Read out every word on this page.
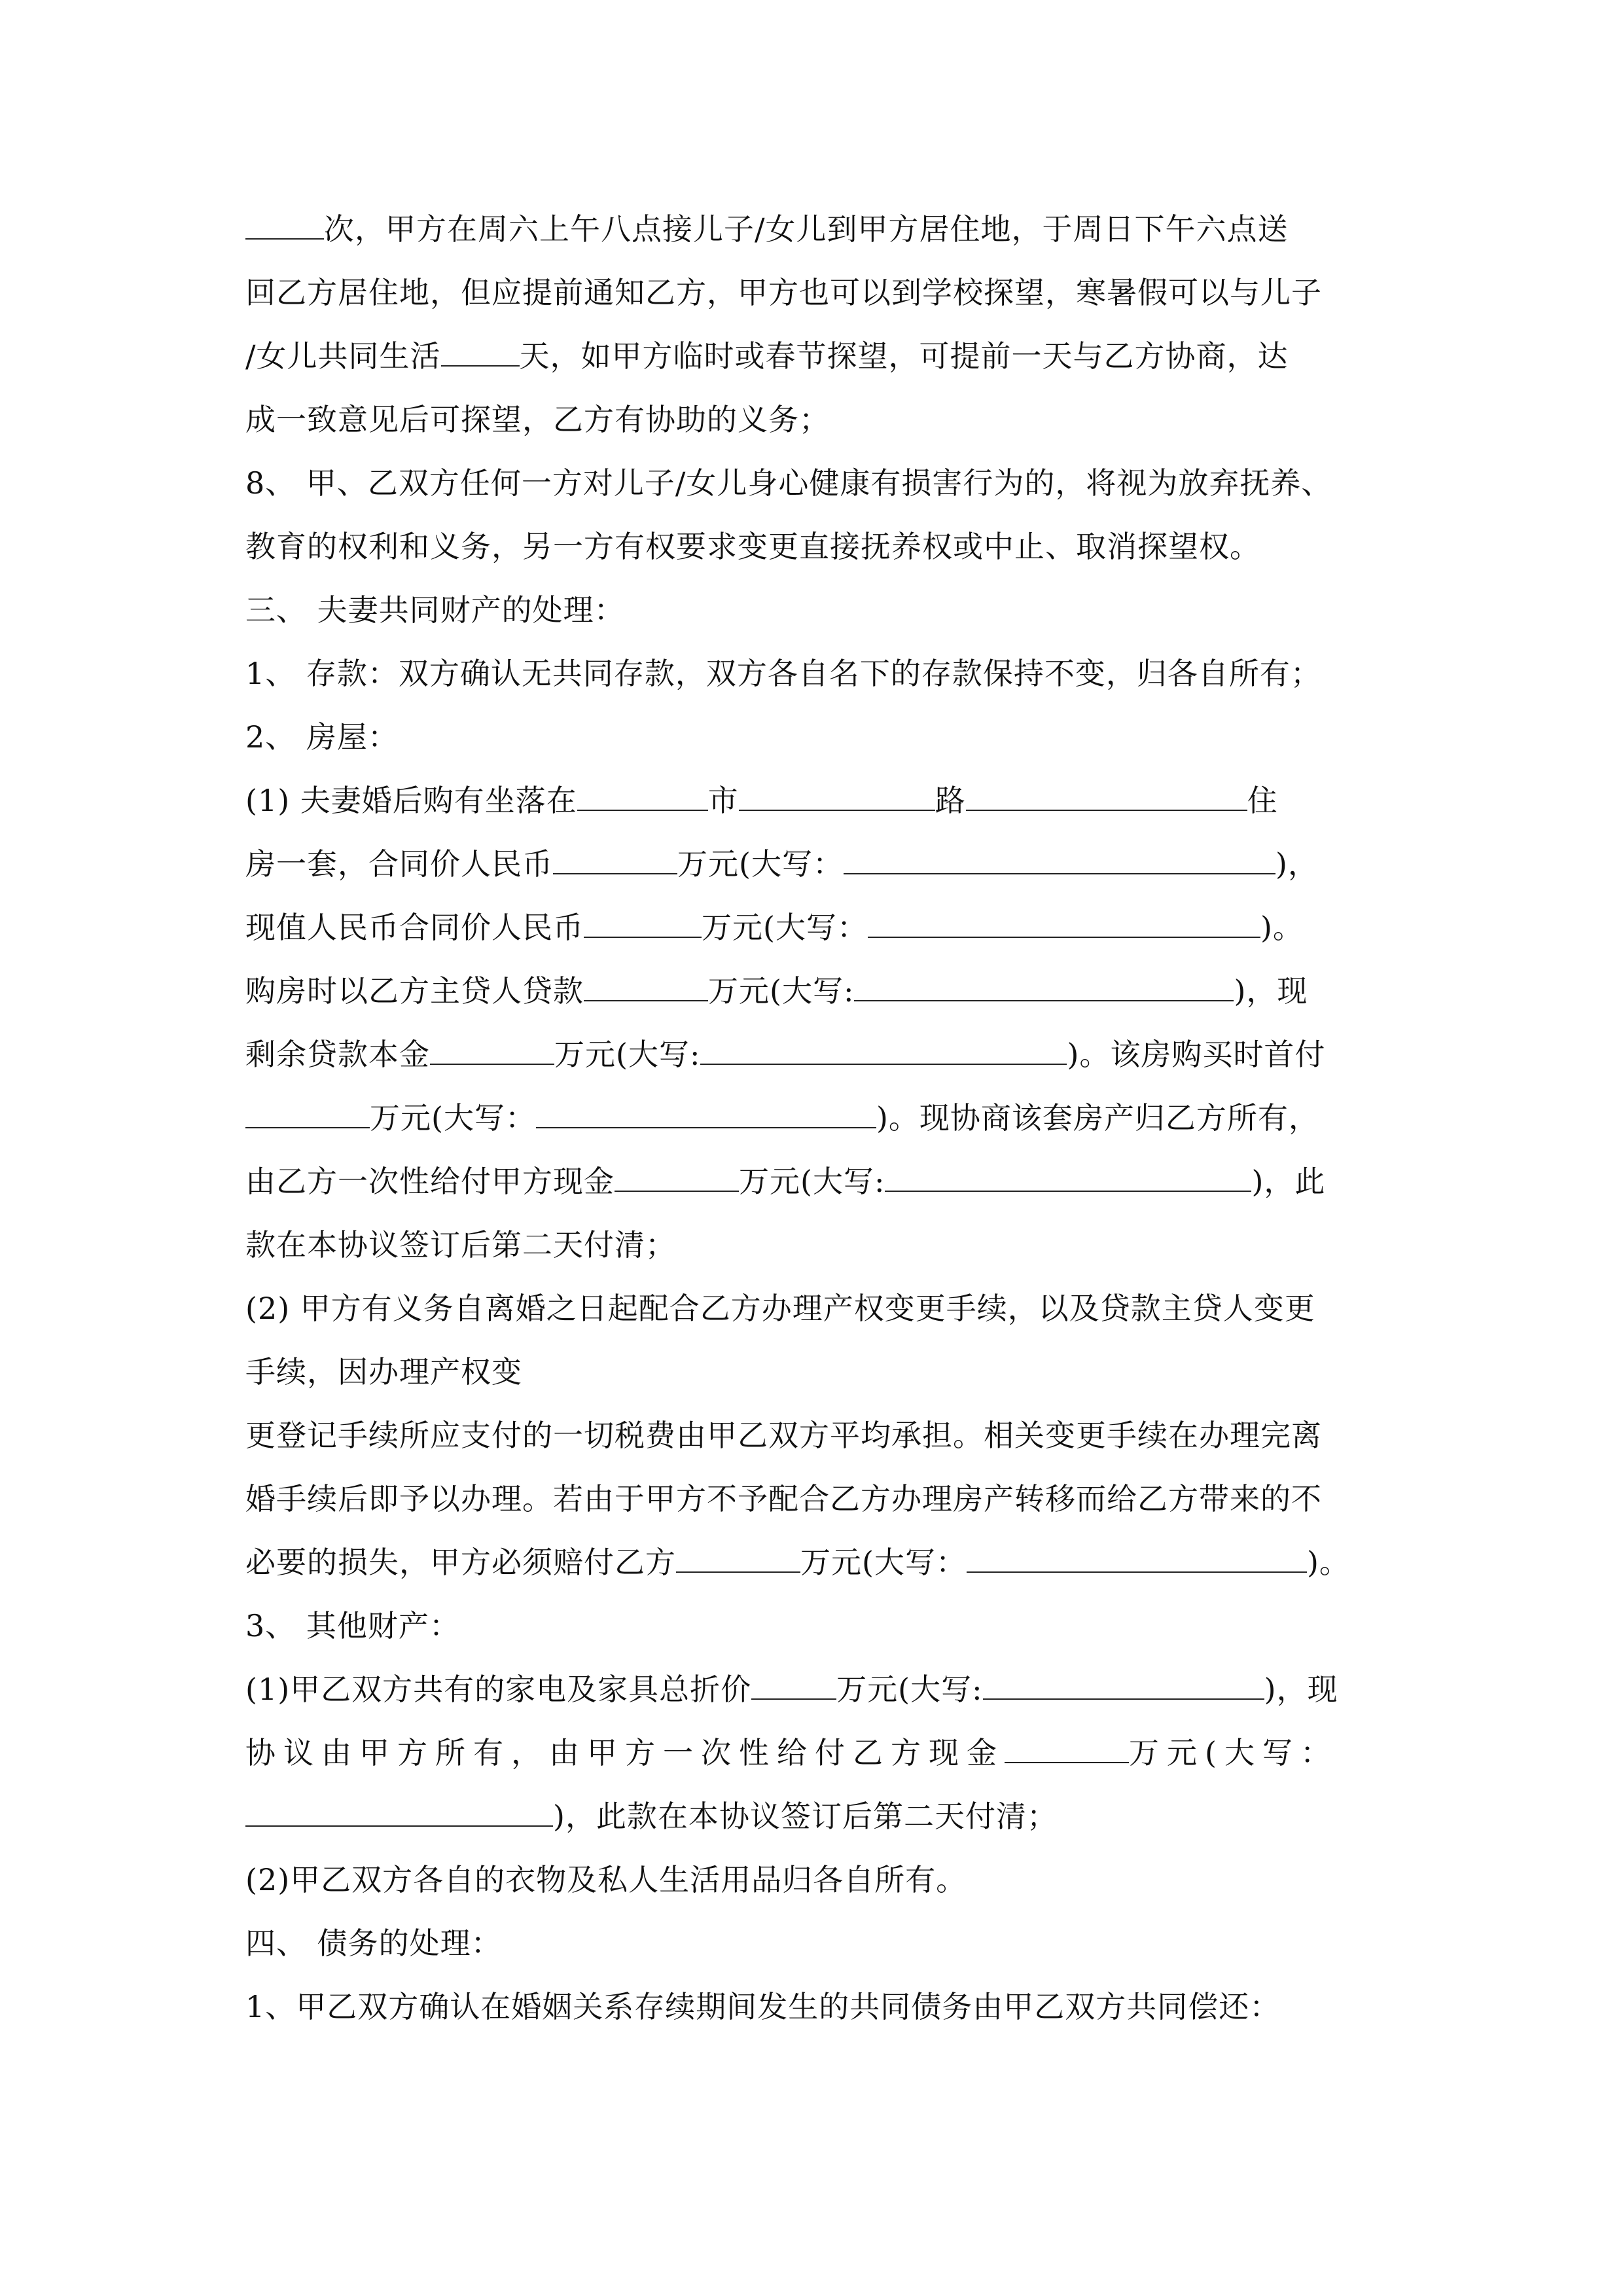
次，甲方在周六上午八点接儿子/女儿到甲方居住地，于周日下午六点送
回乙方居住地，但应提前通知乙方，甲方也可以到学校探望，寒暑假可以与儿子
/女儿共同生活	天，如甲方临时或春节探望，可提前一天与乙方协商，达
成一致意见后可探望，乙方有协助的义务；
8、 甲、乙双方任何一方对儿子/女儿身心健康有损害行为的，将视为放弃抚养、
教育的权利和义务，另一方有权要求变更直接抚养权或中止、取消探望权。
三、 夫妻共同财产的处理：
1、 存款：双方确认无共同存款，双方各自名下的存款保持不变，归各自所有；
2、 房屋：
(1) 夫妻婚后购有坐落在	市	路	住
房一套，合同价人民币	万元(大写：	)，
现值人民币合同价人民币	万元(大写：	)。
购房时以乙方主贷人贷款	万元(大写:	)，现
剩余贷款本金	万元(大写:	)。该房购买时首付
万元(大写：	)。现协商该套房产归乙方所有，
由乙方一次性给付甲方现金	万元(大写:	)，此
款在本协议签订后第二天付清；
(2) 甲方有义务自离婚之日起配合乙方办理产权变更手续，以及贷款主贷人变更
手续，因办理产权变
更登记手续所应支付的一切税费由甲乙双方平均承担。相关变更手续在办理完离
婚手续后即予以办理。若由于甲方不予配合乙方办理房产转移而给乙方带来的不
必要的损失，甲方必须赔付乙方	万元(大写：	)。
3、 其他财产：
(1)甲乙双方共有的家电及家具总折价	万元(大写:	)，现
协议由甲方所有，由甲方一次性给付乙方现金	万元(大写：
)，此款在本协议签订后第二天付清；
(2)甲乙双方各自的衣物及私人生活用品归各自所有。
四、 债务的处理：
1、甲乙双方确认在婚姻关系存续期间发生的共同债务由甲乙双方共同偿还：
